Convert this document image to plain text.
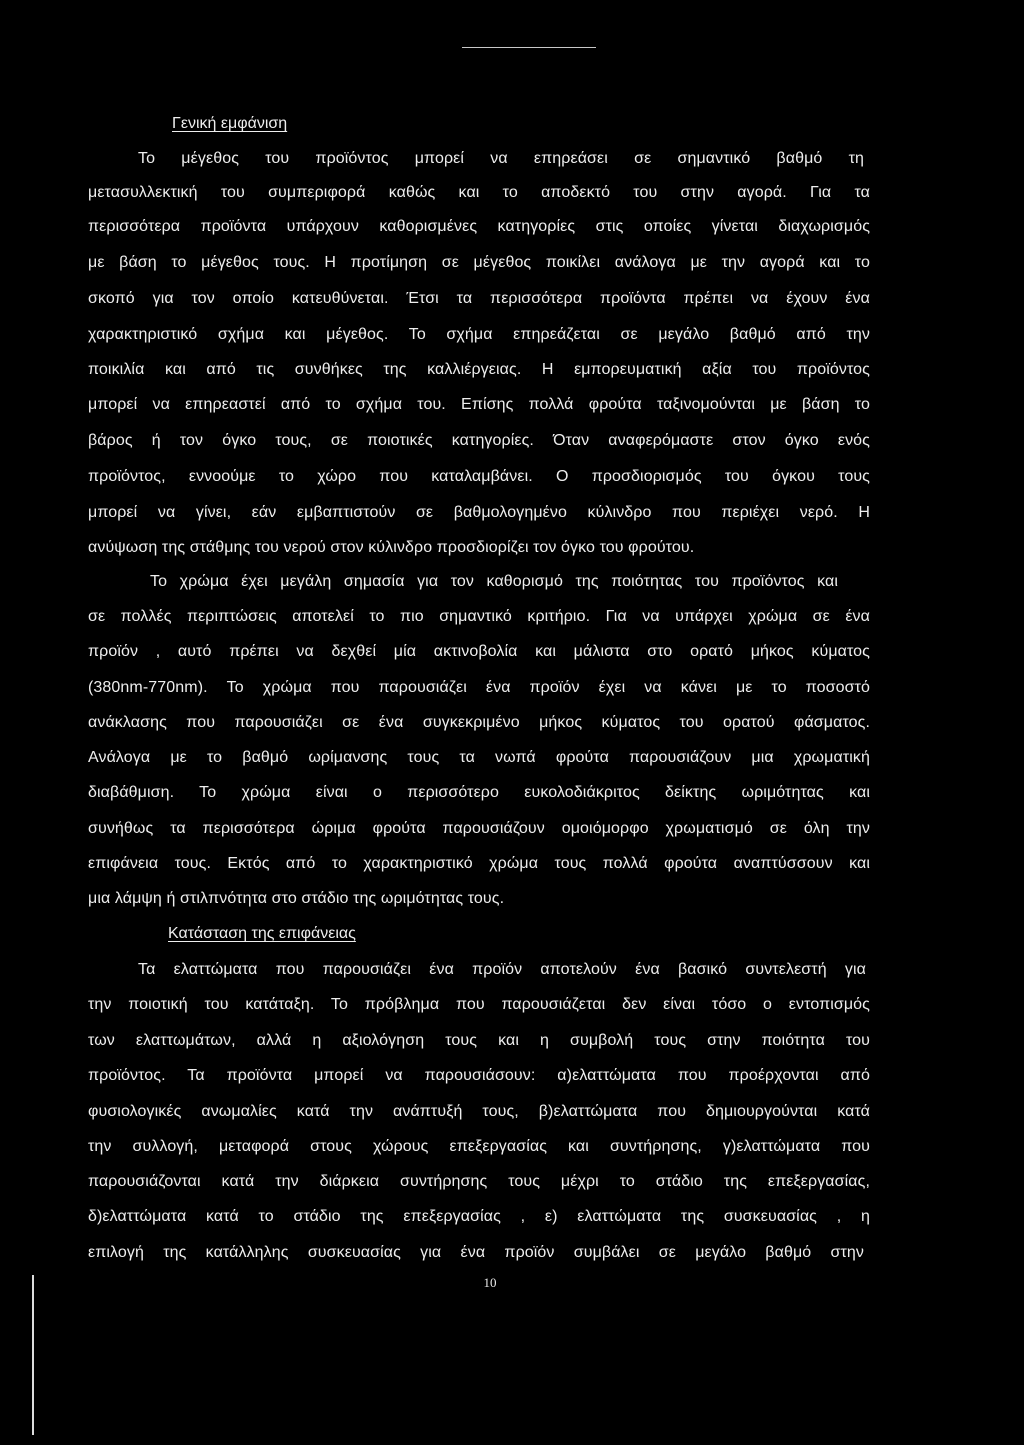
Γενική εμφάνιση
Το μέγεθος του προϊόντος μπορεί να επηρεάσει σε σημαντικό βαθμό τη
μετασυλλεκτική του συμπεριφορά καθώς και το αποδεκτό του στην αγορά. Για τα
περισσότερα προϊόντα υπάρχουν καθορισμένες κατηγορίες στις οποίες γίνεται διαχωρισμός
με βάση το μέγεθος τους. Η προτίμηση σε μέγεθος ποικίλει ανάλογα με την αγορά και το
σκοπό για τον οποίο κατευθύνεται. Έτσι τα περισσότερα προϊόντα πρέπει να έχουν ένα
χαρακτηριστικό σχήμα και μέγεθος. Το σχήμα επηρεάζεται σε μεγάλο βαθμό από την
ποικιλία και από τις συνθήκες της καλλιέργειας. Η εμπορευματική αξία του προϊόντος
μπορεί να επηρεαστεί από το σχήμα του. Επίσης πολλά φρούτα ταξινομούνται με βάση το
βάρος ή τον όγκο τους, σε ποιοτικές κατηγορίες. Όταν αναφερόμαστε στον όγκο ενός
προϊόντος, εννοούμε το χώρο που καταλαμβάνει. Ο προσδιορισμός του όγκου τους
μπορεί να γίνει, εάν εμβαπτιστούν σε βαθμολογημένο κύλινδρο που περιέχει νερό. Η
ανύψωση της στάθμης του νερού στον κύλινδρο προσδιορίζει τον όγκο του φρούτου.
Το χρώμα έχει μεγάλη σημασία για τον καθορισμό της ποιότητας του προϊόντος και
σε πολλές περιπτώσεις αποτελεί το πιο σημαντικό κριτήριο. Για να υπάρχει χρώμα σε ένα
προϊόν , αυτό πρέπει να δεχθεί μία ακτινοβολία και μάλιστα στο ορατό μήκος κύματος
(380nm-770nm). Το χρώμα που παρουσιάζει ένα προϊόν έχει να κάνει με το ποσοστό
ανάκλασης που παρουσιάζει σε ένα συγκεκριμένο μήκος κύματος του ορατού φάσματος.
Ανάλογα με το βαθμό ωρίμανσης τους τα νωπά φρούτα παρουσιάζουν μια χρωματική
διαβάθμιση. Το χρώμα είναι ο περισσότερο ευκολοδιάκριτος δείκτης ωριμότητας και
συνήθως τα περισσότερα ώριμα φρούτα παρουσιάζουν ομοιόμορφο χρωματισμό σε όλη την
επιφάνεια τους. Εκτός από το χαρακτηριστικό χρώμα τους πολλά φρούτα αναπτύσσουν και
μια λάμψη ή στιλπνότητα στο στάδιο της ωριμότητας τους.
Κατάσταση της επιφάνειας
Τα ελαττώματα που παρουσιάζει ένα προϊόν αποτελούν ένα βασικό συντελεστή για
την ποιοτική του κατάταξη. Το πρόβλημα που παρουσιάζεται δεν είναι τόσο ο εντοπισμός
των ελαττωμάτων, αλλά η αξιολόγηση τους και η συμβολή τους στην ποιότητα του
προϊόντος. Τα προϊόντα μπορεί να παρουσιάσουν: α)ελαττώματα που προέρχονται από
φυσιολογικές ανωμαλίες κατά την ανάπτυξή τους, β)ελαττώματα που δημιουργούνται κατά
την συλλογή, μεταφορά στους χώρους επεξεργασίας και συντήρησης, γ)ελαττώματα που
παρουσιάζονται κατά την διάρκεια συντήρησης τους μέχρι το στάδιο της επεξεργασίας,
δ)ελαττώματα κατά το στάδιο της επεξεργασίας , ε) ελαττώματα της συσκευασίας , η
επιλογή της κατάλληλης συσκευασίας για ένα προϊόν συμβάλει σε μεγάλο βαθμό στην
10
